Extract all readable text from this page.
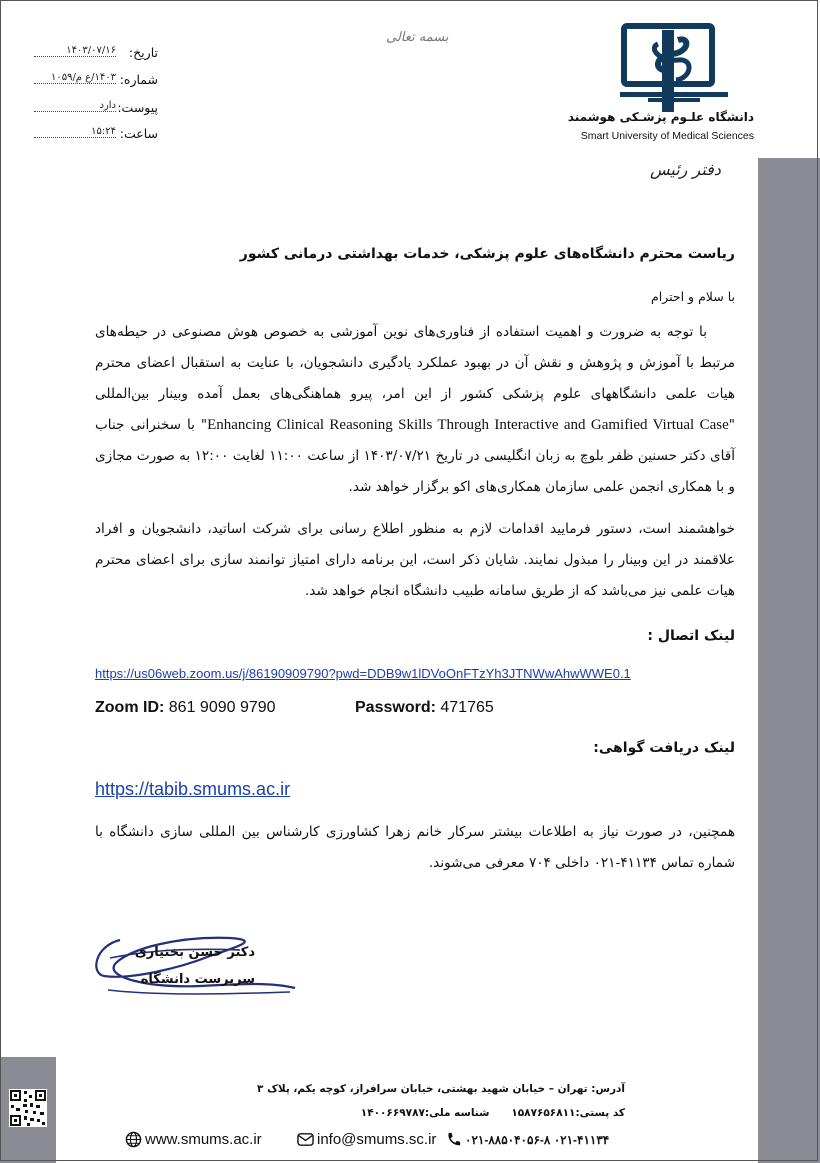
دانشگاه علـوم پزشـکی هوشمند
Smart University of Medical Sciences
دفتر رئیس
بسمه تعالی
تاریخ:
۱۴۰۳/۰۷/۱۶
شماره:
۱۴۰۳/ع م/۱۰۵۹
پیوست:
دارد
ساعت:
۱۵:۲۴
ریاست محترم دانشگاه‌های علوم پزشکی، خدمات بهداشتی درمانی کشور
با سلام و احترام

با توجه به ضرورت و اهمیت استفاده از فناوری‌های نوین آموزشی به خصوص هوش مصنوعی در حیطه‌های مرتبط با آموزش و پژوهش و نقش آن در بهبود عملکرد یادگیری دانشجویان، با عنایت به استقبال اعضای محترم هیات علمی دانشگاههای علوم پزشکی کشور از این امر، پیرو هماهنگی‌های بعمل آمده وبینار بین‌المللی "Enhancing Clinical Reasoning Skills Through Interactive and Gamified Virtual Case" با سخنرانی جناب آقای دکتر حسنین ظفر بلوچ به زبان انگلیسی در تاریخ ۱۴۰۳/۰۷/۲۱ از ساعت ۱۱:۰۰ لغایت ۱۲:۰۰ به صورت مجازی و با همکاری انجمن علمی سازمان همکاری‌های اکو برگزار خواهد شد.

خواهشمند است، دستور فرمایید اقدامات لازم به منظور اطلاع رسانی برای شرکت اساتید، دانشجویان و افراد علاقمند در این وبینار را مبذول نمایند. شایان ذکر است، این برنامه دارای امتیاز توانمند سازی برای اعضای محترم هیات علمی نیز می‌باشد که از طریق سامانه طبیب دانشگاه انجام خواهد شد.

لینک اتصال :
https://us06web.zoom.us/j/86190909790?pwd=DDB9w1lDVoOnFTzYh3JTNWwAhwWWE0.1
Zoom ID: 861 9090 9790	Password: 471765
لینک دریافت گواهی:
https://tabib.smums.ac.ir

همچنین، در صورت نیاز به اطلاعات بیشتر سرکار خانم زهرا کشاورزی کارشناس بین المللی سازی دانشگاه با شماره تماس ۴۱۱۳۴-۰۲۱ داخلی ۷۰۴ معرفی می‌شوند.

دکتر حسن بختیاری
سرپرست دانشگاه
آدرس: تهران – خیابان شهید بهشتی، خیابان سرافراز، کوچه یکم، پلاک ۳
کد پستی:۱۵۸۷۶۵۶۸۱۱      شناسه ملی:۱۴۰۰۶۶۹۷۸۷
www.smums.ac.ir	info@smums.sc.ir ۰۲۱-۴۱۱۳۴ ۰۲۱-۸۸۵۰۴۰۵۶-۸
